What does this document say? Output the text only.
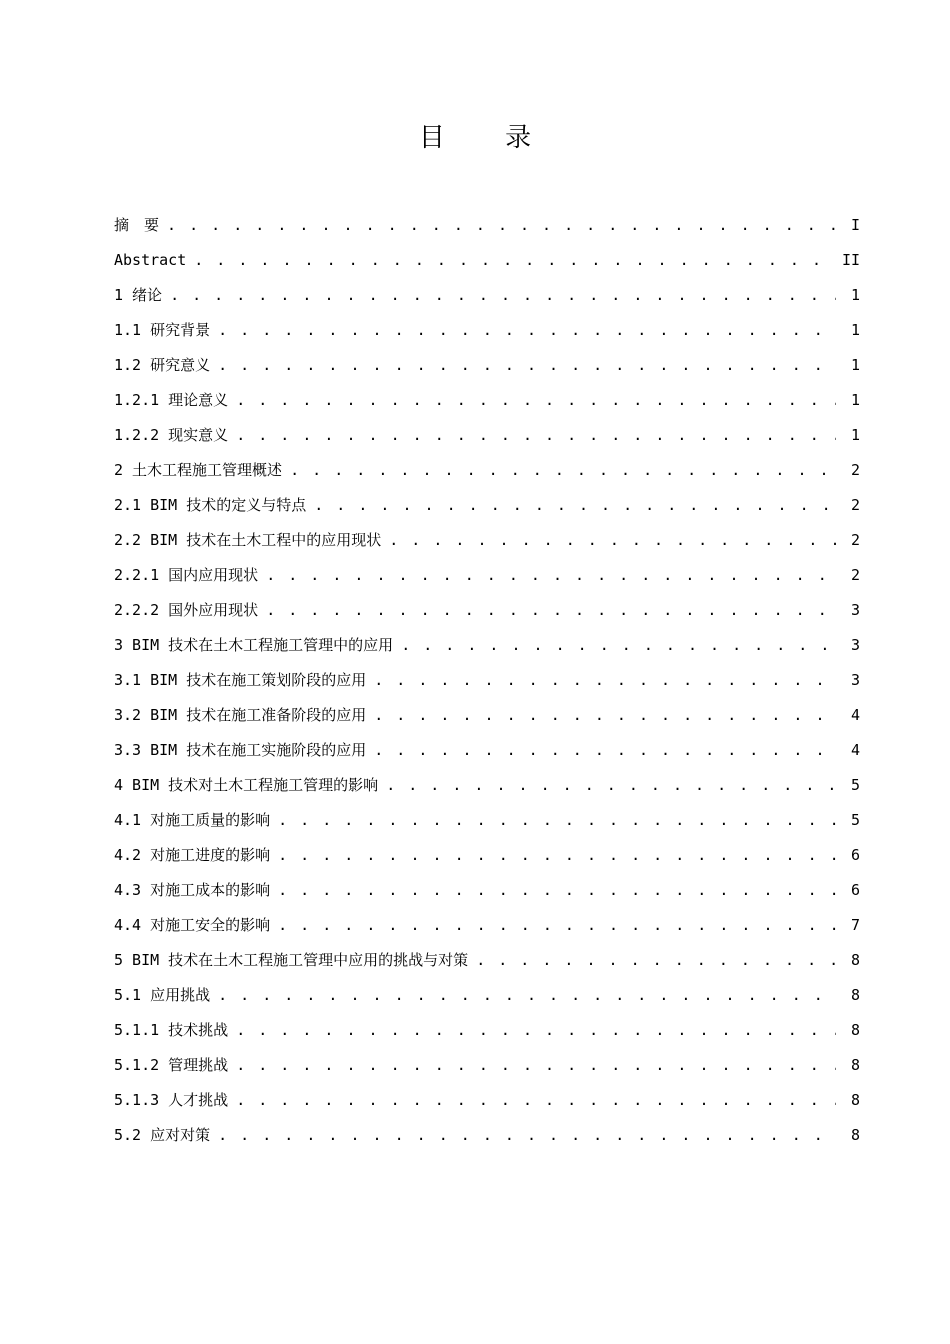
目 录
摘　要 . . .	I
Abstract . . .	II
1 绪论 . . .	1
1.1 研究背景 . . .	1
1.2 研究意义 . . .	1
1.2.1 理论意义 . . .	1
1.2.2 现实意义 . . .	1
2 土木工程施工管理概述 . . .	2
2.1 BIM 技术的定义与特点 . . .	2
2.2 BIM 技术在土木工程中的应用现状 . . .	2
2.2.1 国内应用现状 . . .	2
2.2.2 国外应用现状 . . .	3
3 BIM 技术在土木工程施工管理中的应用 . . .	3
3.1 BIM 技术在施工策划阶段的应用 . . .	3
3.2 BIM 技术在施工准备阶段的应用 . . .	4
3.3 BIM 技术在施工实施阶段的应用 . . .	4
4 BIM 技术对土木工程施工管理的影响 . . .	5
4.1 对施工质量的影响 . . .	5
4.2 对施工进度的影响 . . .	6
4.3 对施工成本的影响 . . .	6
4.4 对施工安全的影响 . . .	7
5 BIM 技术在土木工程施工管理中应用的挑战与对策 . . .	8
5.1 应用挑战 . . .	8
5.1.1 技术挑战 . . .	8
5.1.2 管理挑战 . . .	8
5.1.3 人才挑战 . . .	8
5.2 应对对策 . . .	8
